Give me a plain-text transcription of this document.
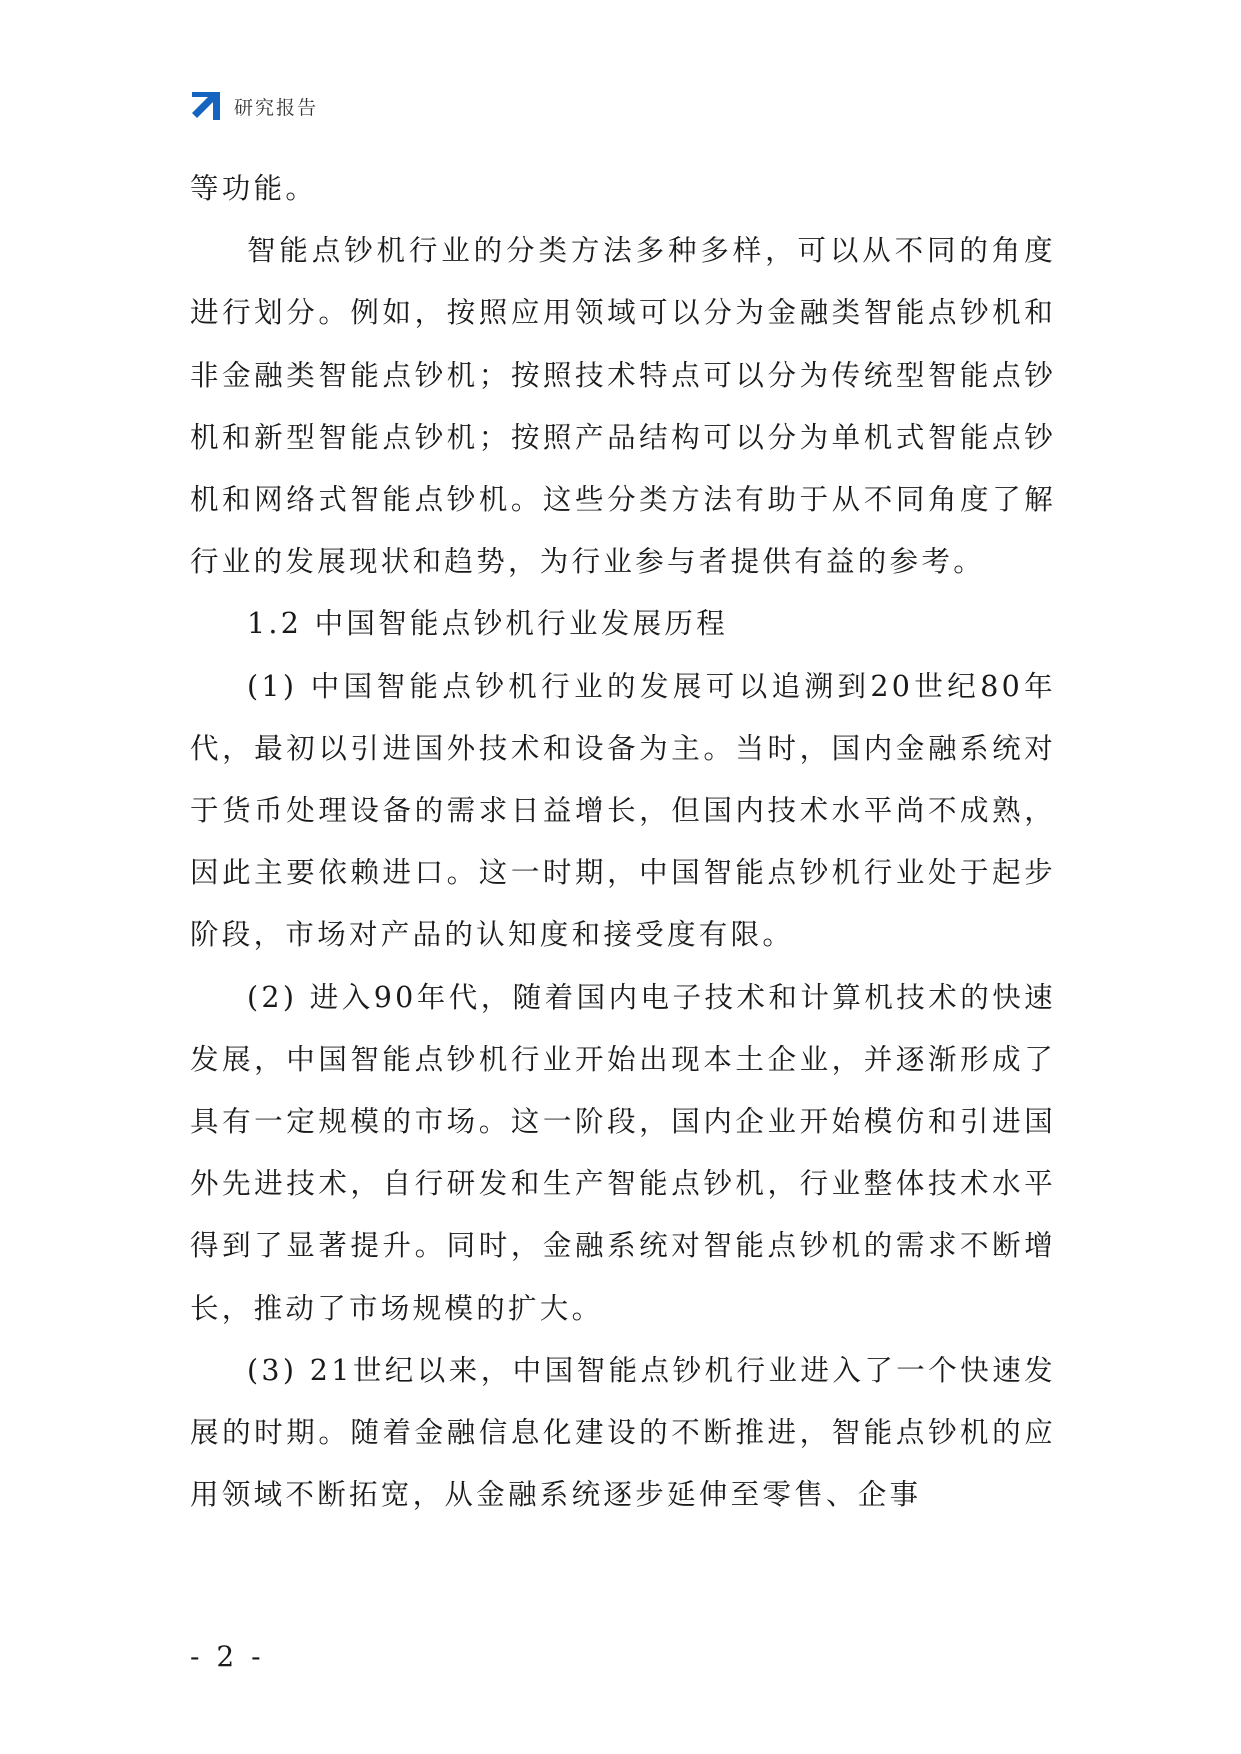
研究报告

等功能。

智能点钞机行业的分类方法多种多样，可以从不同的角度进行划分。例如，按照应用领域可以分为金融类智能点钞机和非金融类智能点钞机；按照技术特点可以分为传统型智能点钞机和新型智能点钞机；按照产品结构可以分为单机式智能点钞机和网络式智能点钞机。这些分类方法有助于从不同角度了解行业的发展现状和趋势，为行业参与者提供有益的参考。

1.2 中国智能点钞机行业发展历程

(1) 中国智能点钞机行业的发展可以追溯到20世纪80年代，最初以引进国外技术和设备为主。当时，国内金融系统对于货币处理设备的需求日益增长，但国内技术水平尚不成熟，因此主要依赖进口。这一时期，中国智能点钞机行业处于起步阶段，市场对产品的认知度和接受度有限。

(2) 进入90年代，随着国内电子技术和计算机技术的快速发展，中国智能点钞机行业开始出现本土企业，并逐渐形成了具有一定规模的市场。这一阶段，国内企业开始模仿和引进国外先进技术，自行研发和生产智能点钞机，行业整体技术水平得到了显著提升。同时，金融系统对智能点钞机的需求不断增长，推动了市场规模的扩大。

(3) 21世纪以来，中国智能点钞机行业进入了一个快速发展的时期。随着金融信息化建设的不断推进，智能点钞机的应用领域不断拓宽，从金融系统逐步延伸至零售、企事

- 2 -
